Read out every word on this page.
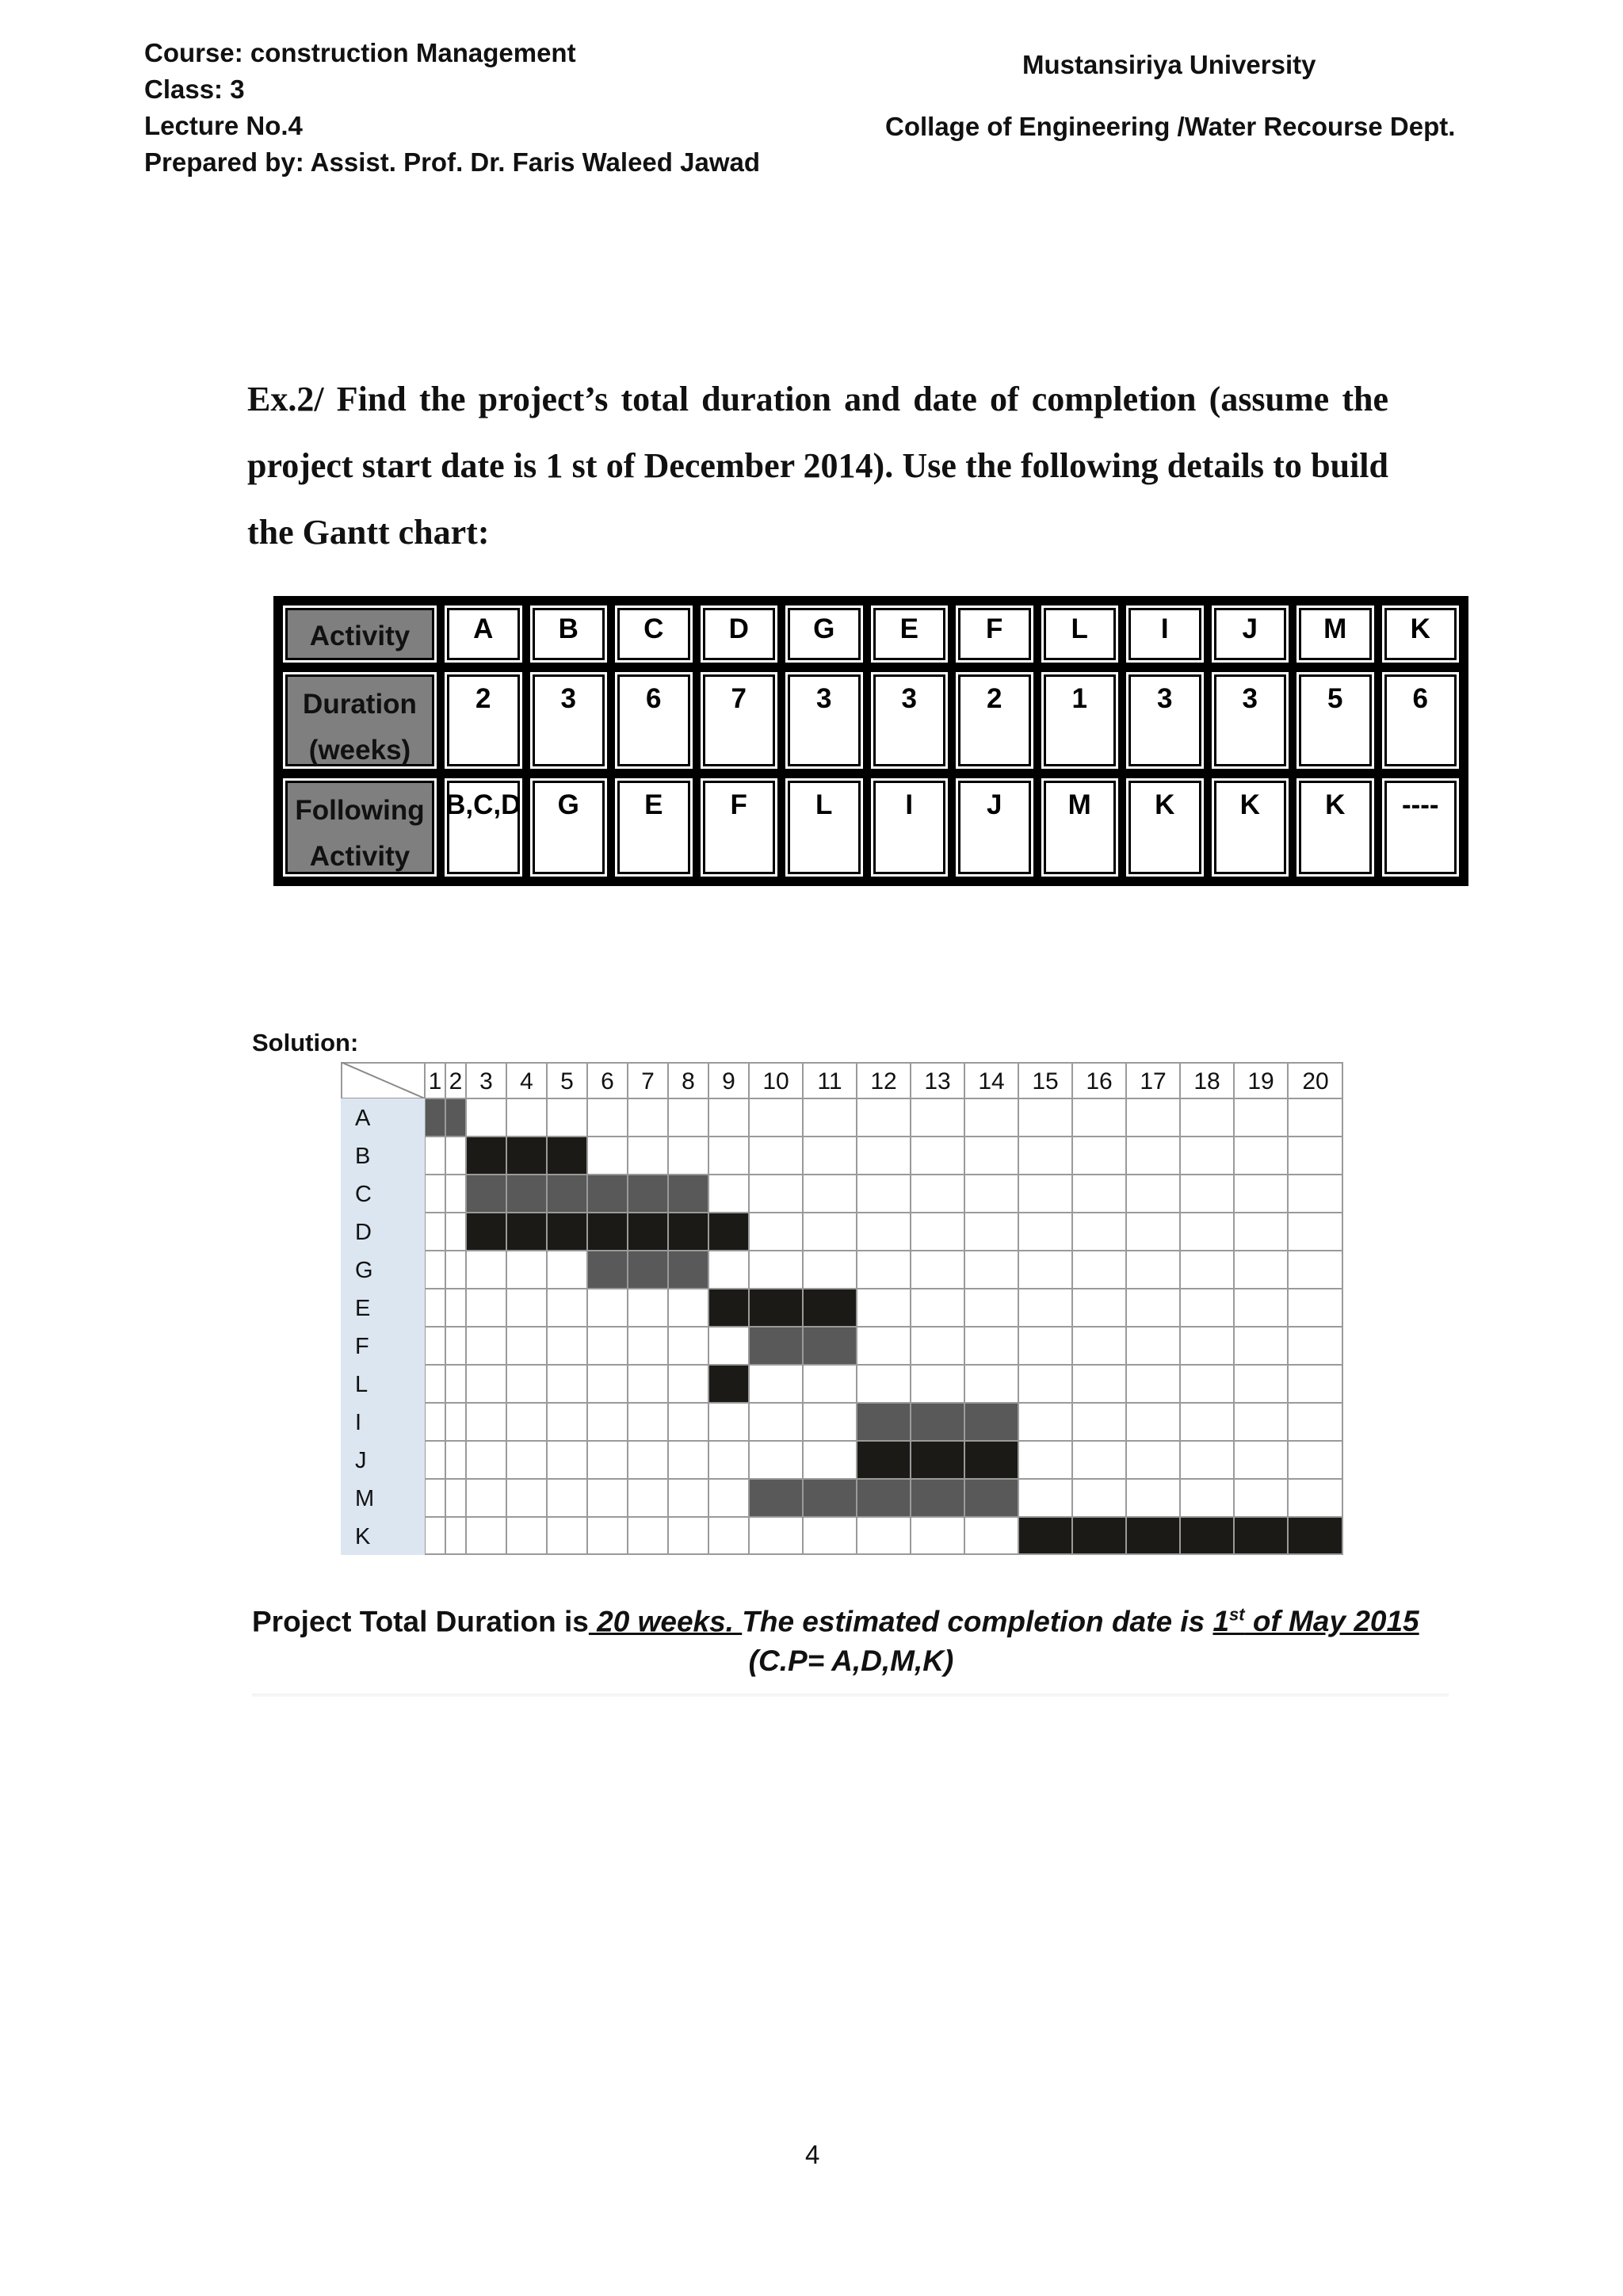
Course: construction Management
Class: 3
Lecture No.4
Prepared by: Assist. Prof. Dr. Faris Waleed Jawad
Mustansiriya University
Collage of Engineering /Water Recourse Dept.
Ex.2/ Find the project’s total duration and date of completion (assume the project start date is 1 st of December 2014). Use the following details to build the Gantt chart:
Activity	A	B	C	D	G	E	F	L	I	J	M	K
Duration
(weeks)
2	3	6	7	3	3	2	1	3	3	5	6
Following
Activity
B,C,D	G	E	F	L	I	J	M	K	K	K	----
Solution:
1 2 3	4	5	6	7	8	9	10	11	12	13	14	15	16	17	18	19	20
A
B
C
D
G
E
F
L
I
J
M
K
Project Total Duration is 20 weeks. The estimated completion date is 1st of May 2015
(C.P= A,D,M,K)
4
